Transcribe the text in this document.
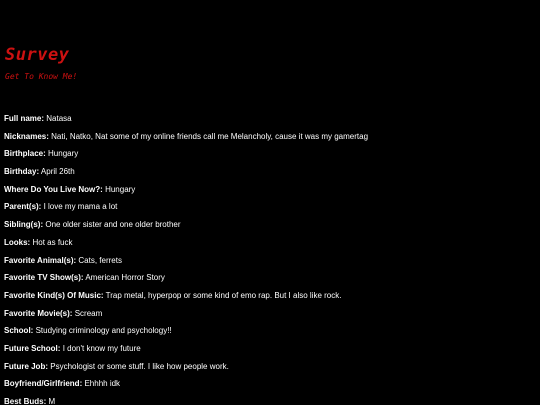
Survey
Get To Know Me!
Full name: Natasa
Nicknames: Nati, Natko, Nat some of my online friends call me Melancholy, cause it was my gamertag
Birthplace: Hungary
Birthday: April 26th
Where Do You Live Now?: Hungary
Parent(s): I love my mama a lot
Sibling(s): One older sister and one older brother
Looks: Hot as fuck
Favorite Animal(s): Cats, ferrets
Favorite TV Show(s): American Horror Story
Favorite Kind(s) Of Music: Trap metal, hyperpop or some kind of emo rap. But I also like rock.
Favorite Movie(s): Scream
School: Studying criminology and psychology!!
Future School: I don't know my future
Future Job: Psychologist or some stuff. I like how people work.
Boyfriend/Girlfriend: Ehhhh idk
Best Buds: M
